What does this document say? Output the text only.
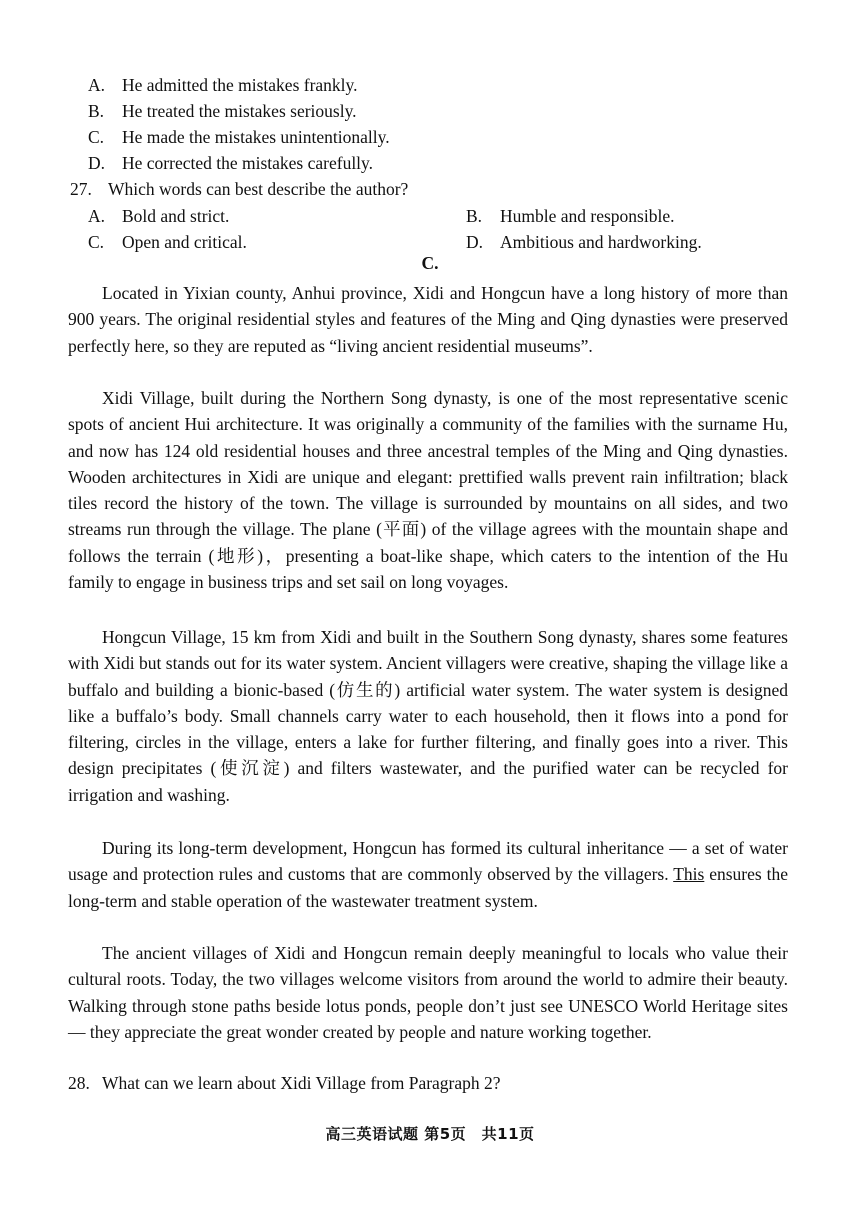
A. He admitted the mistakes frankly.
B. He treated the mistakes seriously.
C. He made the mistakes unintentionally.
D. He corrected the mistakes carefully.
27. Which words can best describe the author?
A. Bold and strict.	B. Humble and responsible.
C. Open and critical.	D. Ambitious and hardworking.
C.
Located in Yixian county, Anhui province, Xidi and Hongcun have a long history of more than 900 years. The original residential styles and features of the Ming and Qing dynasties were preserved perfectly here, so they are reputed as “living ancient residential museums”.
Xidi Village, built during the Northern Song dynasty, is one of the most representative scenic spots of ancient Hui architecture. It was originally a community of the families with the surname Hu, and now has 124 old residential houses and three ancestral temples of the Ming and Qing dynasties. Wooden architectures in Xidi are unique and elegant: prettified walls prevent rain infiltration; black tiles record the history of the town. The village is surrounded by mountains on all sides, and two streams run through the village. The plane (平面) of the village agrees with the mountain shape and follows the terrain (地形)，presenting a boat-like shape, which caters to the intention of the Hu family to engage in business trips and set sail on long voyages.
Hongcun Village, 15 km from Xidi and built in the Southern Song dynasty, shares some features with Xidi but stands out for its water system. Ancient villagers were creative, shaping the village like a buffalo and building a bionic-based (仿生的) artificial water system. The water system is designed like a buffalo’s body. Small channels carry water to each household, then it flows into a pond for filtering, circles in the village, enters a lake for further filtering, and finally goes into a river. This design precipitates (使沉淀) and filters wastewater, and the purified water can be recycled for irrigation and washing.
During its long-term development, Hongcun has formed its cultural inheritance — a set of water usage and protection rules and customs that are commonly observed by the villagers. This ensures the long-term and stable operation of the wastewater treatment system.
The ancient villages of Xidi and Hongcun remain deeply meaningful to locals who value their cultural roots. Today, the two villages welcome visitors from around the world to admire their beauty. Walking through stone paths beside lotus ponds, people don’t just see UNESCO World Heritage sites — they appreciate the great wonder created by people and nature working together.
28. What can we learn about Xidi Village from Paragraph 2?
高三英语试题 第5页　共11页
